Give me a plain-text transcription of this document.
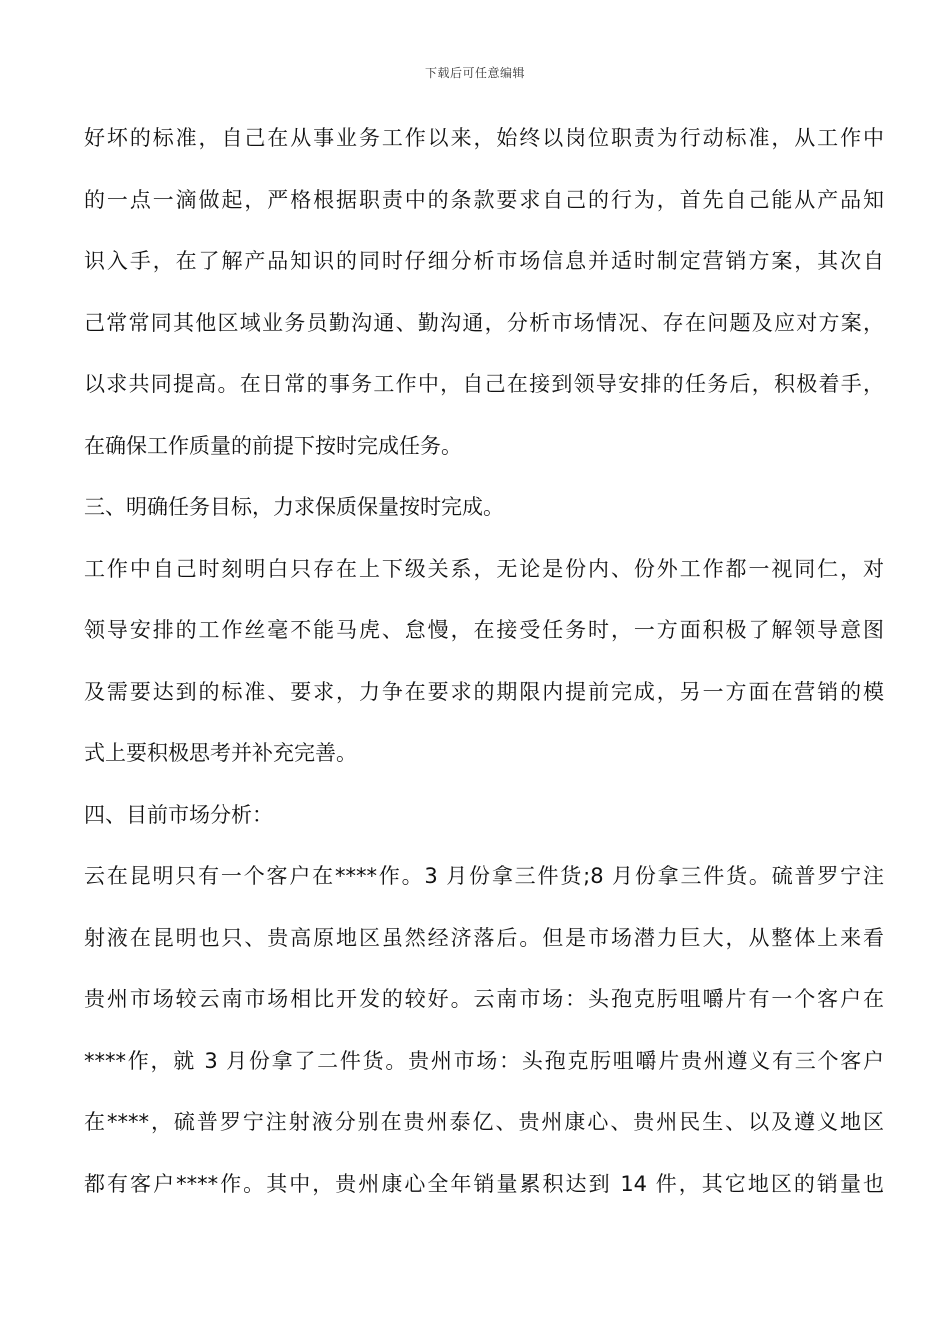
下载后可任意编辑
好坏的标准，自己在从事业务工作以来，始终以岗位职责为行动标准，从工作中
的一点一滴做起，严格根据职责中的条款要求自己的行为，首先自己能从产品知
识入手，在了解产品知识的同时仔细分析市场信息并适时制定营销方案，其次自
己常常同其他区域业务员勤沟通、勤沟通，分析市场情况、存在问题及应对方案，
以求共同提高。在日常的事务工作中，自己在接到领导安排的任务后，积极着手，
在确保工作质量的前提下按时完成任务。
三、明确任务目标，力求保质保量按时完成。
工作中自己时刻明白只存在上下级关系，无论是份内、份外工作都一视同仁，对
领导安排的工作丝毫不能马虎、怠慢，在接受任务时，一方面积极了解领导意图
及需要达到的标准、要求，力争在要求的期限内提前完成，另一方面在营销的模
式上要积极思考并补充完善。
四、目前市场分析：
云在昆明只有一个客户在****作。3 月份拿三件货;8 月份拿三件货。硫普罗宁注
射液在昆明也只、贵高原地区虽然经济落后。但是市场潜力巨大，从整体上来看
贵州市场较云南市场相比开发的较好。云南市场：头孢克肟咀嚼片有一个客户在
****作，就 3 月份拿了二件货。贵州市场：头孢克肟咀嚼片贵州遵义有三个客户
在****，硫普罗宁注射液分别在贵州泰亿、贵州康心、贵州民生、以及遵义地区
都有客户****作。其中，贵州康心全年销量累积达到 14 件，其它地区的销量也
